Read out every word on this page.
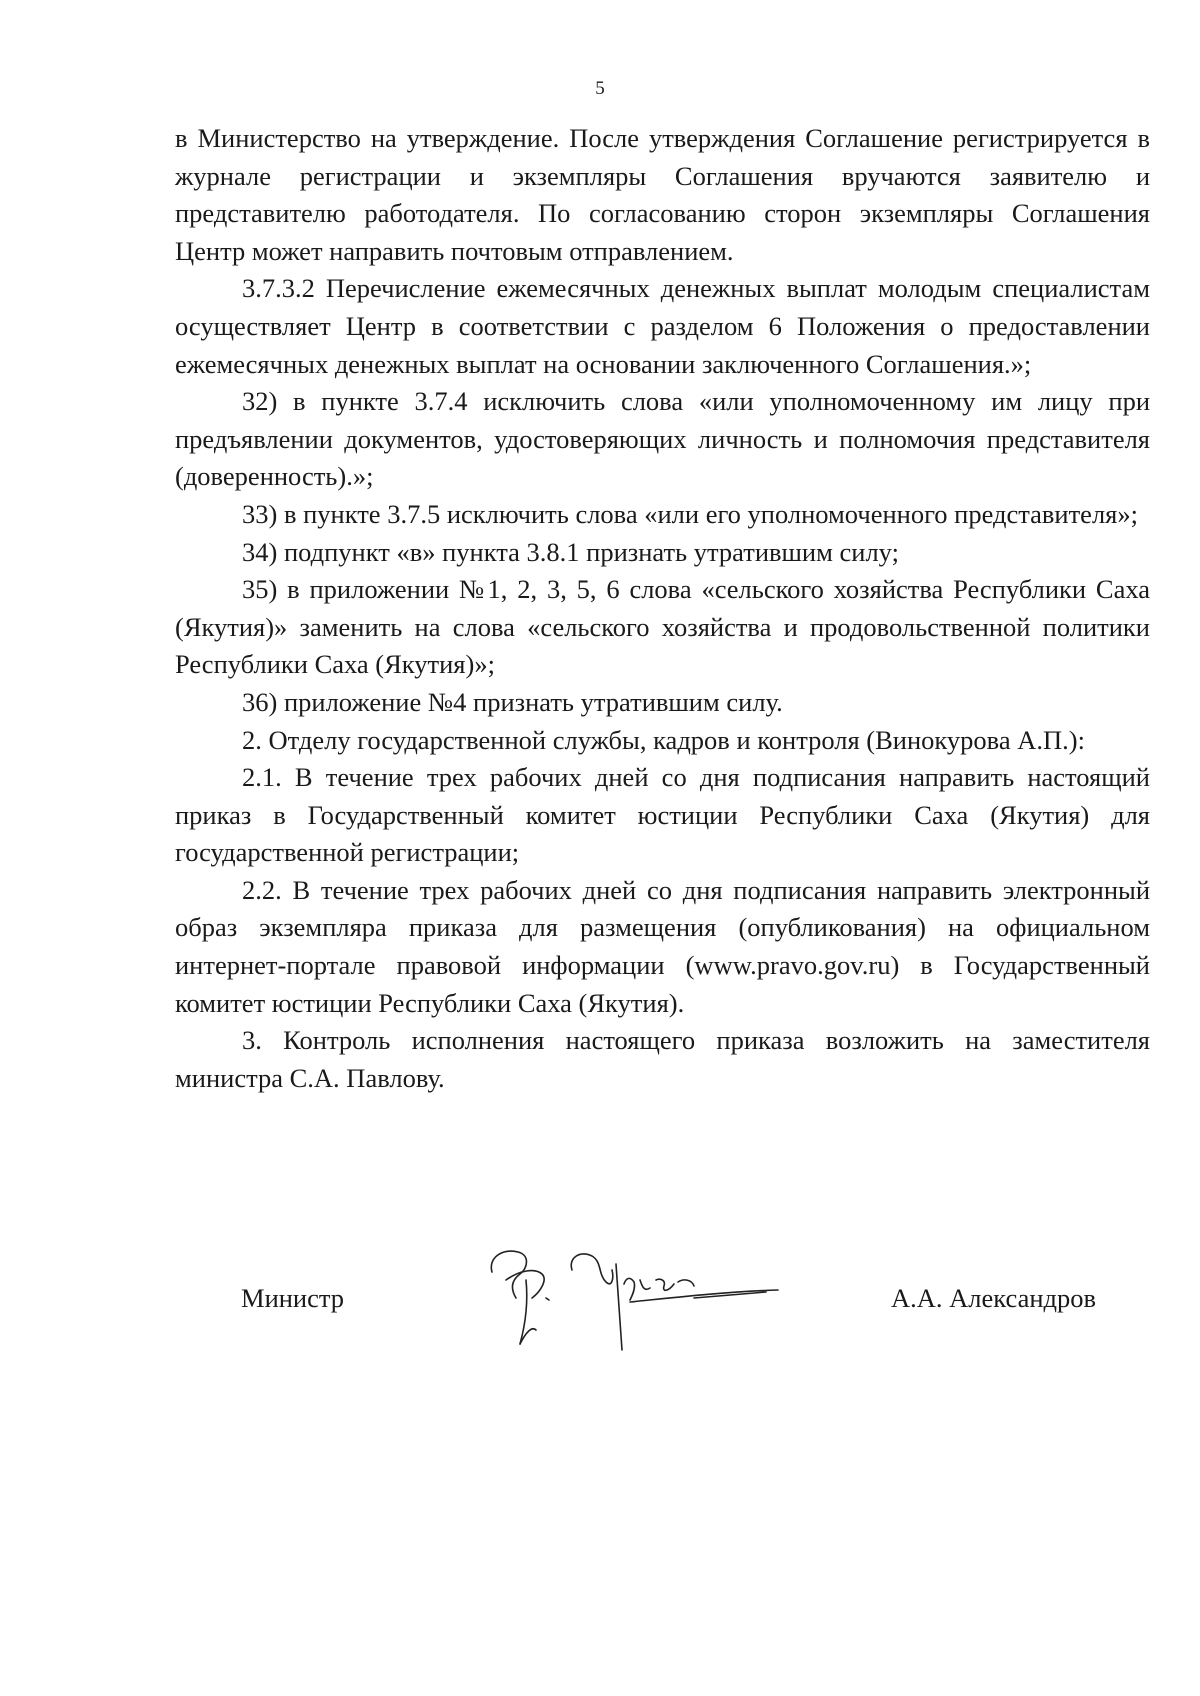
5

в Министерство на утверждение. После утверждения Соглашение регистрируется в журнале регистрации и экземпляры Соглашения вручаются заявителю и представителю работодателя. По согласованию сторон экземпляры Соглашения Центр может направить почтовым отправлением.

3.7.3.2 Перечисление ежемесячных денежных выплат молодым специалистам осуществляет Центр в соответствии с разделом 6 Положения о предоставлении ежемесячных денежных выплат на основании заключенного Соглашения.»;

32) в пункте 3.7.4 исключить слова «или уполномоченному им лицу при предъявлении документов, удостоверяющих личность и полномочия представителя (доверенность).»;

33) в пункте 3.7.5 исключить слова «или его уполномоченного представителя»;

34) подпункт «в» пункта 3.8.1 признать утратившим силу;

35) в приложении №1, 2, 3, 5, 6 слова «сельского хозяйства Республики Саха (Якутия)» заменить на слова «сельского хозяйства и продовольственной политики Республики Саха (Якутия)»;

36) приложение №4 признать утратившим силу.

2. Отделу государственной службы, кадров и контроля (Винокурова А.П.):

2.1. В течение трех рабочих дней со дня подписания направить настоящий приказ в Государственный комитет юстиции Республики Саха (Якутия) для государственной регистрации;

2.2. В течение трех рабочих дней со дня подписания направить электронный образ экземпляра приказа для размещения (опубликования) на официальном интернет-портале правовой информации (www.pravo.gov.ru) в Государственный комитет юстиции Республики Саха (Якутия).

3. Контроль исполнения настоящего приказа возложить на заместителя министра С.А. Павлову.

Министр	А.А. Александров
